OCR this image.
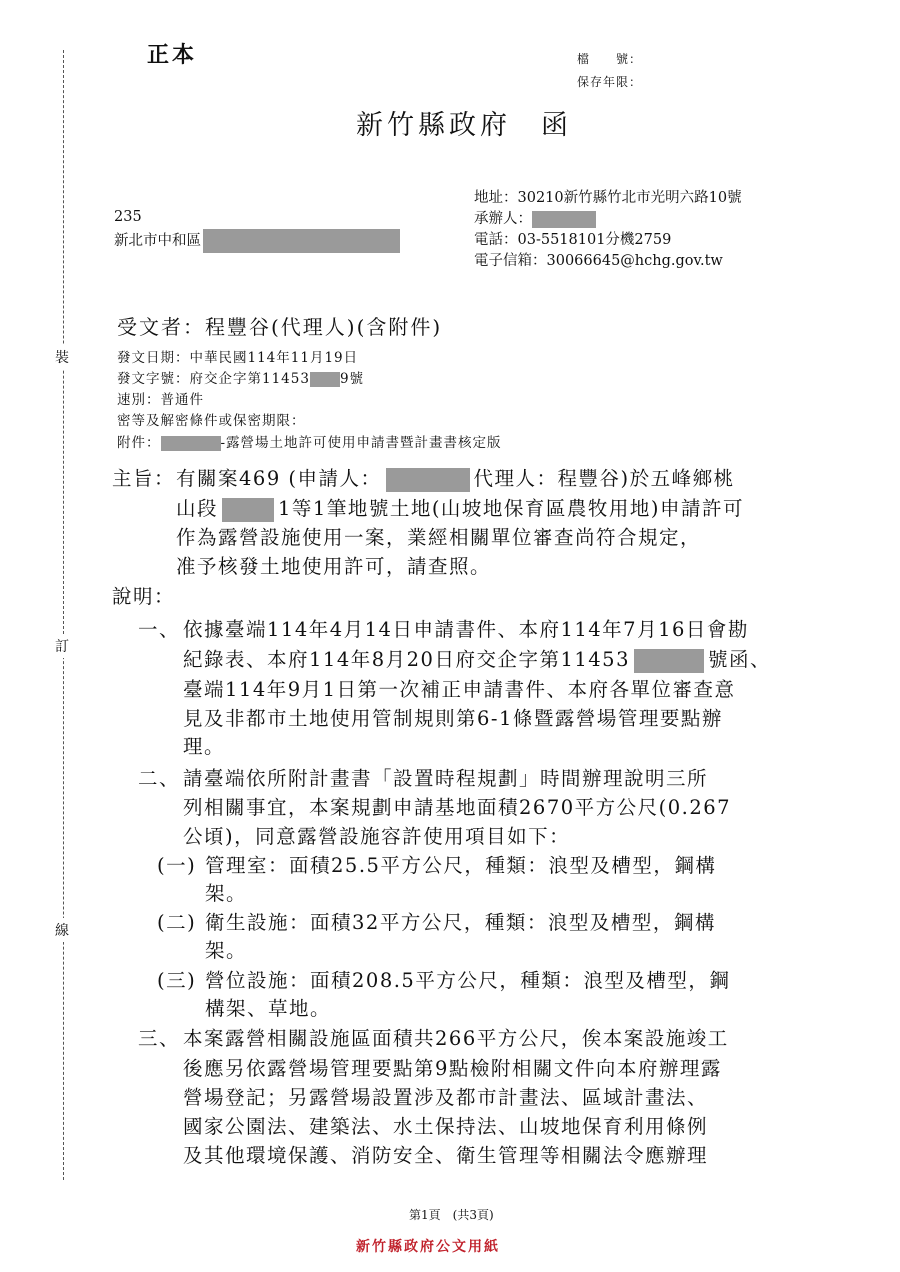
裝
訂
線
正本	檔　　號：
保存年限：
新竹縣政府 函
地址：30210新竹縣竹北市光明六路10號
承辦人：
電話：03-5518101分機2759
電子信箱：30066645@hchg.gov.tw
235
新北市中和區
受文者：程豐谷(代理人)(含附件)
發文日期：中華民國114年11月19日
發文字號：府交企字第11453 9號
速別：普通件
密等及解密條件或保密期限：
附件：	-露營場土地許可使用申請書暨計畫書核定版
主旨： 有關案469 (申請人：	代理人：程豐谷)於五峰鄉桃
山段	1等1筆地號土地(山坡地保育區農牧用地)申請許可
作為露營設施使用一案，業經相關單位審查尚符合規定，
准予核發土地使用許可，請查照。
說明：
一、 依據臺端114年4月14日申請書件、本府114年7月16日會勘
紀錄表、本府114年8月20日府交企字第11453	號函、
臺端114年9月1日第一次補正申請書件、本府各單位審查意
見及非都市土地使用管制規則第6-1條暨露營場管理要點辦
理。
二、 請臺端依所附計畫書「設置時程規劃」時間辦理說明三所
列相關事宜，本案規劃申請基地面積2670平方公尺(0.267
公頃)，同意露營設施容許使用項目如下：
(一) 管理室：面積25.5平方公尺，種類：浪型及槽型，鋼構
架。
(二) 衛生設施：面積32平方公尺，種類：浪型及槽型，鋼構
架。
(三) 營位設施：面積208.5平方公尺，種類：浪型及槽型，鋼
構架、草地。
三、 本案露營相關設施區面積共266平方公尺，俟本案設施竣工
後應另依露營場管理要點第9點檢附相關文件向本府辦理露
營場登記；另露營場設置涉及都市計畫法、區域計畫法、
國家公園法、建築法、水土保持法、山坡地保育利用條例
及其他環境保護、消防安全、衛生管理等相關法令應辦理
第1頁　(共3頁)
新竹縣政府公文用紙
